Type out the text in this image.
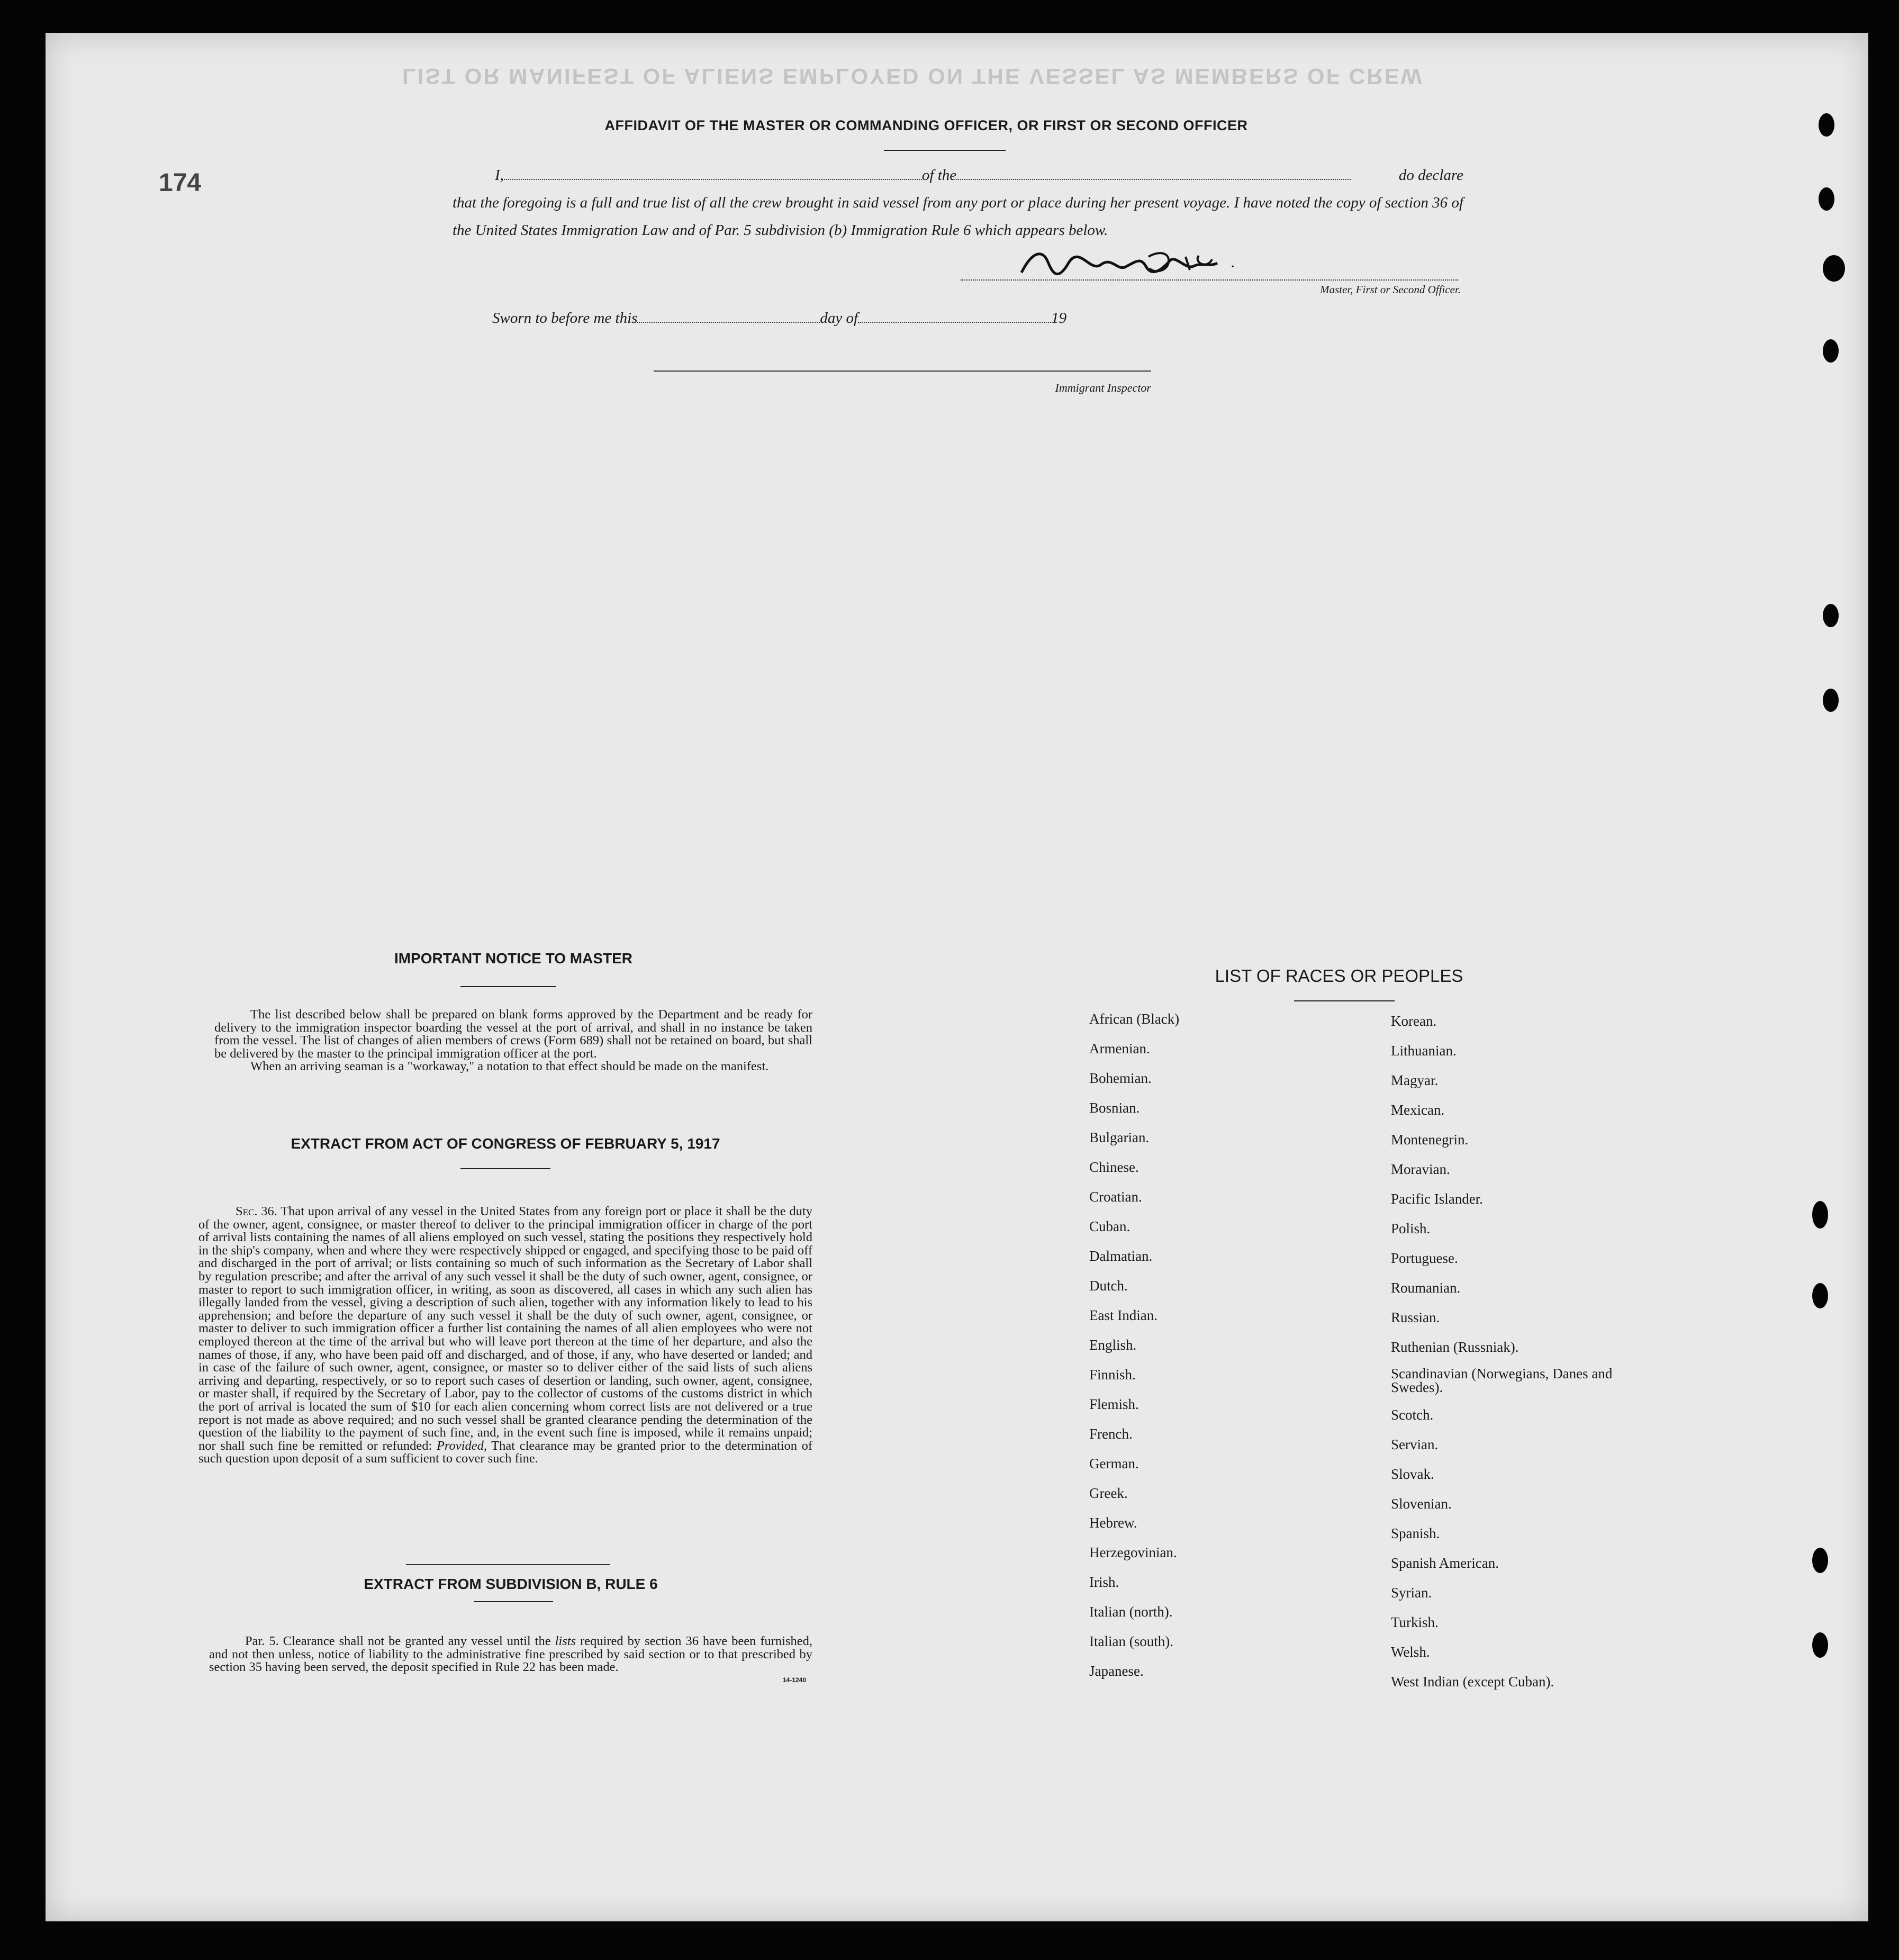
LIST OR MANIFEST OF ALIENS EMPLOYED ON THE VESSEL AS MEMBERS OF CREW
174
AFFIDAVIT OF THE MASTER OR COMMANDING OFFICER, OR FIRST OR SECOND OFFICER
I,	of the	do declare
that the foregoing is a full and true list of all the crew brought in said vessel from any port or place during her present voyage. I have noted the copy of section 36 of the United States Immigration Law and of Par. 5 subdivision (b) Immigration Rule 6 which appears below.
·
Master, First or Second Officer.
Sworn to before me this	day of	19
Immigrant Inspector
IMPORTANT NOTICE TO MASTER
The list described below shall be prepared on blank forms approved by the Department and be ready for delivery to the immigration inspector boarding the vessel at the port of arrival, and shall in no instance be taken from the vessel. The list of changes of alien members of crews (Form 689) shall not be retained on board, but shall be delivered by the master to the principal immigration officer at the port.
When an arriving seaman is a "workaway," a notation to that effect should be made on the manifest.
EXTRACT FROM ACT OF CONGRESS OF FEBRUARY 5, 1917
Sec. 36. That upon arrival of any vessel in the United States from any foreign port or place it shall be the duty of the owner, agent, consignee, or master thereof to deliver to the principal immigration officer in charge of the port of arrival lists containing the names of all aliens employed on such vessel, stating the positions they respectively hold in the ship's company, when and where they were respectively shipped or engaged, and specifying those to be paid off and discharged in the port of arrival; or lists containing so much of such information as the Secretary of Labor shall by regulation prescribe; and after the arrival of any such vessel it shall be the duty of such owner, agent, consignee, or master to report to such immigration officer, in writing, as soon as discovered, all cases in which any such alien has illegally landed from the vessel, giving a description of such alien, together with any information likely to lead to his apprehension; and before the departure of any such vessel it shall be the duty of such owner, agent, consignee, or master to deliver to such immigration officer a further list containing the names of all alien employees who were not employed thereon at the time of the arrival but who will leave port thereon at the time of her departure, and also the names of those, if any, who have been paid off and discharged, and of those, if any, who have deserted or landed; and in case of the failure of such owner, agent, consignee, or master so to deliver either of the said lists of such aliens arriving and departing, respectively, or so to report such cases of desertion or landing, such owner, agent, consignee, or master shall, if required by the Secretary of Labor, pay to the collector of customs of the customs district in which the port of arrival is located the sum of $10 for each alien concerning whom correct lists are not delivered or a true report is not made as above required; and no such vessel shall be granted clearance pending the determination of the question of the liability to the payment of such fine, and, in the event such fine is imposed, while it remains unpaid; nor shall such fine be remitted or refunded: Provided, That clearance may be granted prior to the determination of such question upon deposit of a sum sufficient to cover such fine.
EXTRACT FROM SUBDIVISION B, RULE 6
Par. 5. Clearance shall not be granted any vessel until the lists required by section 36 have been furnished, and not then unless, notice of liability to the administrative fine prescribed by said section or to that prescribed by section 35 having been served, the deposit specified in Rule 22 has been made.
14-1240
LIST OF RACES OR PEOPLES
African (Black)
Armenian.
Bohemian.
Bosnian.
Bulgarian.
Chinese.
Croatian.
Cuban.
Dalmatian.
Dutch.
East Indian.
English.
Finnish.
Flemish.
French.
German.
Greek.
Hebrew.
Herzegovinian.
Irish.
Italian (north).
Italian (south).
Japanese.
Korean.
Lithuanian.
Magyar.
Mexican.
Montenegrin.
Moravian.
Pacific Islander.
Polish.
Portuguese.
Roumanian.
Russian.
Ruthenian (Russniak).
Scandinavian (Norwegians, Danes and Swedes).
Scotch.
Servian.
Slovak.
Slovenian.
Spanish.
Spanish American.
Syrian.
Turkish.
Welsh.
West Indian (except Cuban).
